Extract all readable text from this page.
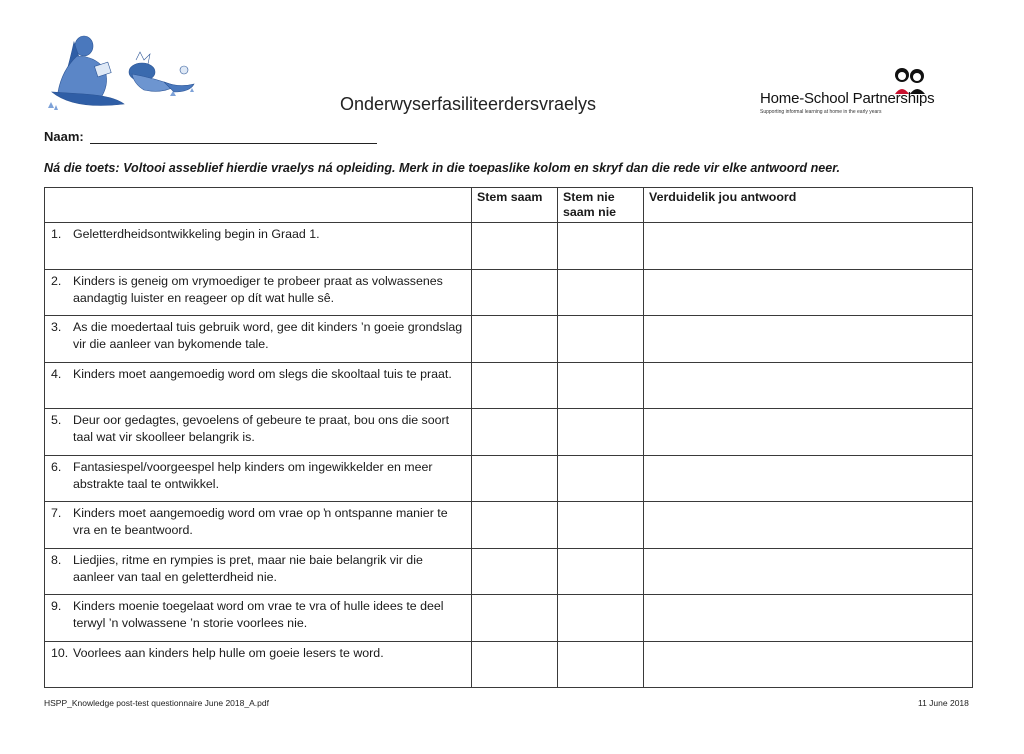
Onderwyserfasiliteerdersvraelys	Home-School Partnerships
Supporting informal learning at home in the early years
Naam:
Ná die toets: Voltooi asseblief hierdie vraelys ná opleiding. Merk in die toepaslike kolom en skryf dan die rede vir elke antwoord neer.
	Stem saam	Stem nie saam nie	Verduidelik jou antwoord

1. Geletterdheidsontwikkeling begin in Graad 1.			

2. Kinders is geneig om vrymoediger te probeer praat as volwassenes aandagtig luister en reageer op dít wat hulle sê.			

3. As die moedertaal tuis gebruik word, gee dit kinders ’n goeie grondslag vir die aanleer van bykomende tale.			

4. Kinders moet aangemoedig word om slegs die skooltaal tuis te praat.			

5. Deur oor gedagtes, gevoelens of gebeure te praat, bou ons die soort taal wat vir skoolleer belangrik is.			

6. Fantasiespel/voorgeespel help kinders om ingewikkelder en meer abstrakte taal te ontwikkel.			

7. Kinders moet aangemoedig word om vrae op ŉ ontspanne manier te vra en te beantwoord.			

8. Liedjies, ritme en rympies is pret, maar nie baie belangrik vir die aanleer van taal en geletterdheid nie.			

9. Kinders moenie toegelaat word om vrae te vra of hulle idees te deel terwyl ’n volwassene ’n storie voorlees nie.			

10. Voorlees aan kinders help hulle om goeie lesers te word.			

HSPP_Knowledge post-test questionnaire June 2018_A.pdf	11 June 2018
